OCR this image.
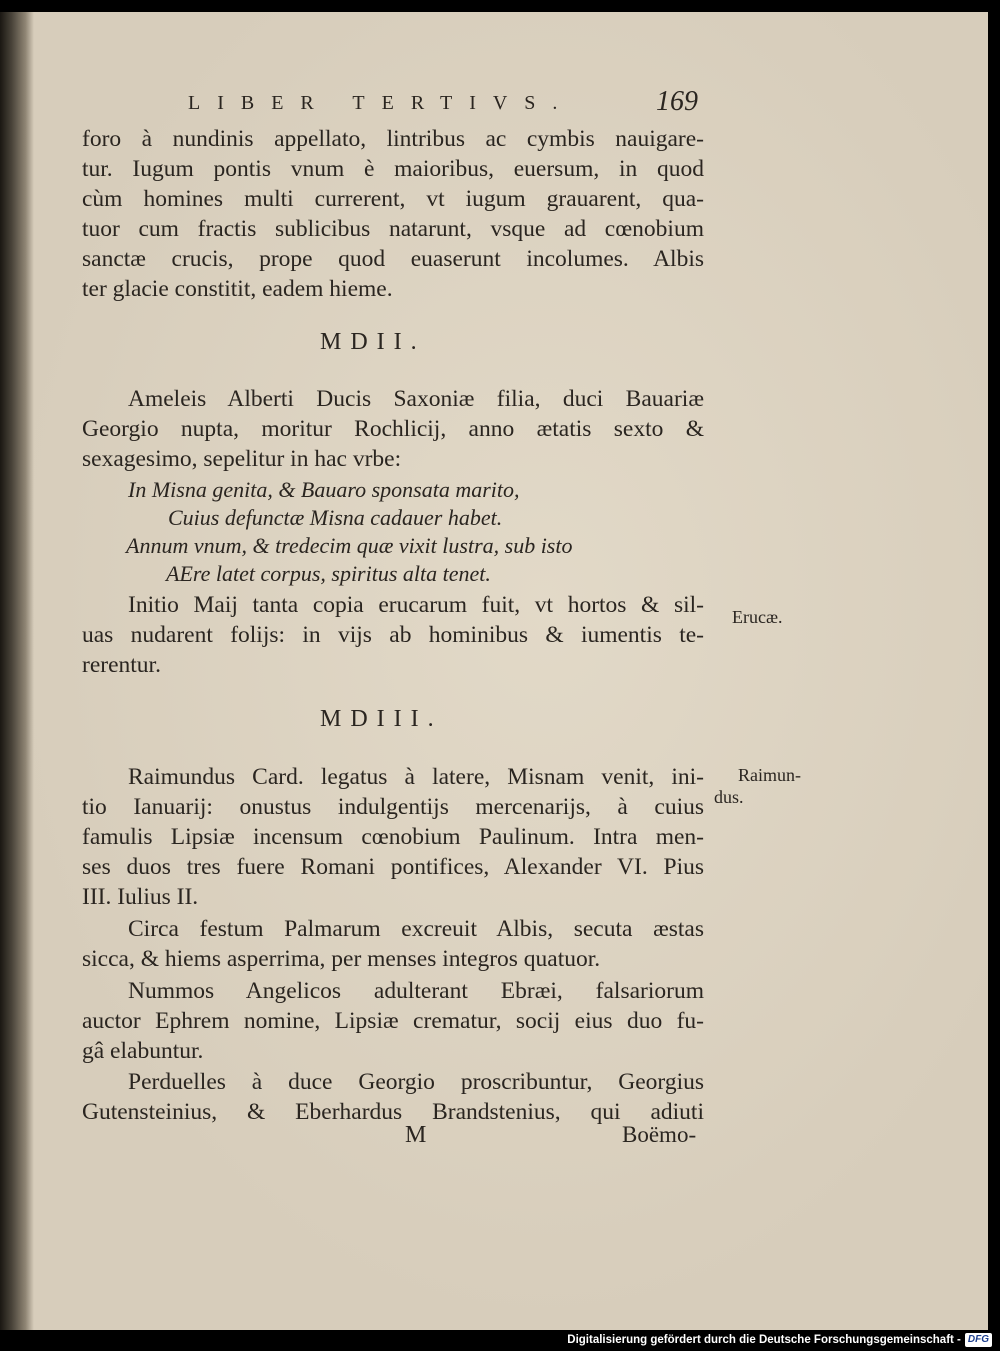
LIBER TERTIVS.	169
foro à nundinis appellato, lintribus ac cymbis nauigare-
tur. Iugum pontis vnum è maioribus, euersum, in quod
cùm homines multi currerent, vt iugum grauarent, qua-
tuor cum fractis sublicibus natarunt, vsque ad cœnobium
sanctæ crucis, prope quod euaserunt incolumes. Albis
ter glacie constitit, eadem hieme.
MDII.
Ameleis Alberti Ducis Saxoniæ filia, duci Bauariæ
Georgio nupta, moritur Rochlicij, anno ætatis sexto &
sexagesimo, sepelitur in hac vrbe:
In Misna genita, & Bauaro sponsata marito,
Cuius defunctæ Misna cadauer habet.
Annum vnum, & tredecim quæ vixit lustra, sub isto
AEre latet corpus, spiritus alta tenet.
Initio Maij tanta copia erucarum fuit, vt hortos & sil-
uas nudarent folijs: in vijs ab hominibus & iumentis te-
rerentur.
Erucæ.
MDIII.
Raimundus Card. legatus à latere, Misnam venit, ini-
tio Ianuarij: onustus indulgentijs mercenarijs, à cuius
famulis Lipsiæ incensum cœnobium Paulinum. Intra men-
ses duos tres fuere Romani pontifices, Alexander VI. Pius
III. Iulius II.
Raimun-
dus.
Circa festum Palmarum excreuit Albis, secuta æstas
sicca, & hiems asperrima, per menses integros quatuor.
Nummos Angelicos adulterant Ebræi, falsariorum
auctor Ephrem nomine, Lipsiæ crematur, socij eius duo fu-
gâ elabuntur.
Perduelles à duce Georgio proscribuntur, Georgius
Gutensteinius, & Eberhardus Brandstenius, qui adiuti
M	Boëmo-
Digitalisierung gefördert durch die Deutsche Forschungsgemeinschaft - DFG
